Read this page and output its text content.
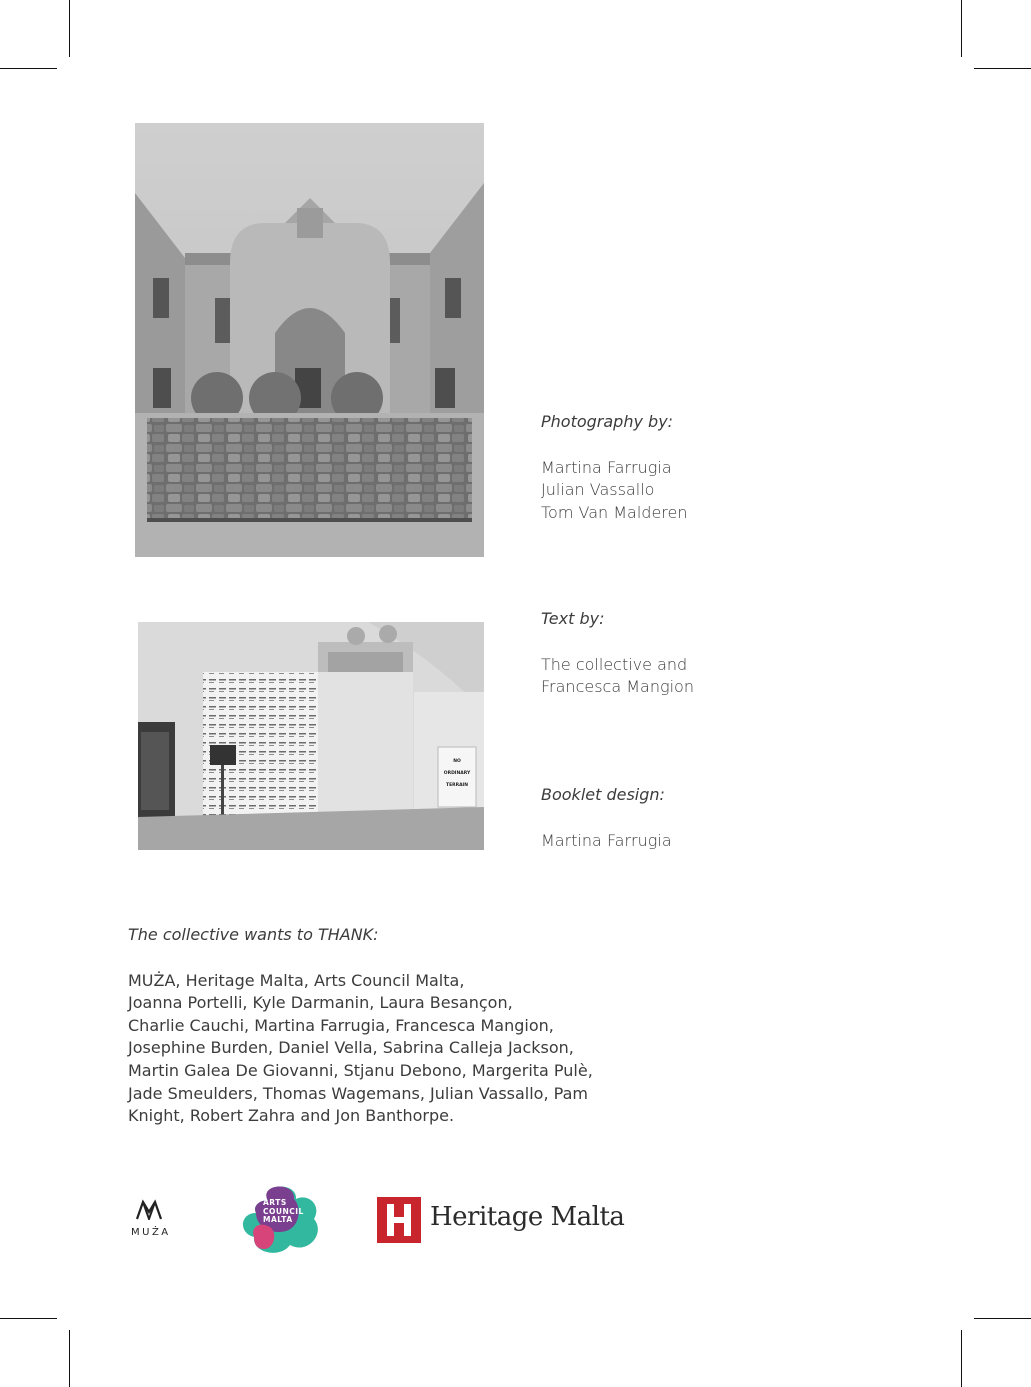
NO
ORDINARY
TERRAIN
Photography by:
Martina Farrugia
Julian Vassallo
Tom Van Malderen
Text by:
The collective and
Francesca Mangion
Booklet design:
Martina Farrugia
The collective wants to THANK:
MUŻA, Heritage Malta, Arts Council Malta,
Joanna Portelli, Kyle Darmanin, Laura Besançon,
Charlie Cauchi, Martina Farrugia, Francesca Mangion,
Josephine Burden, Daniel Vella, Sabrina Calleja Jackson,
Martin Galea De Giovanni, Stjanu Debono, Margerita Pulè,
Jade Smeulders, Thomas Wagemans, Julian Vassallo, Pam
Knight, Robert Zahra and Jon Banthorpe.
MUŻA
ARTS
COUNCIL
MALTA	Heritage Malta
